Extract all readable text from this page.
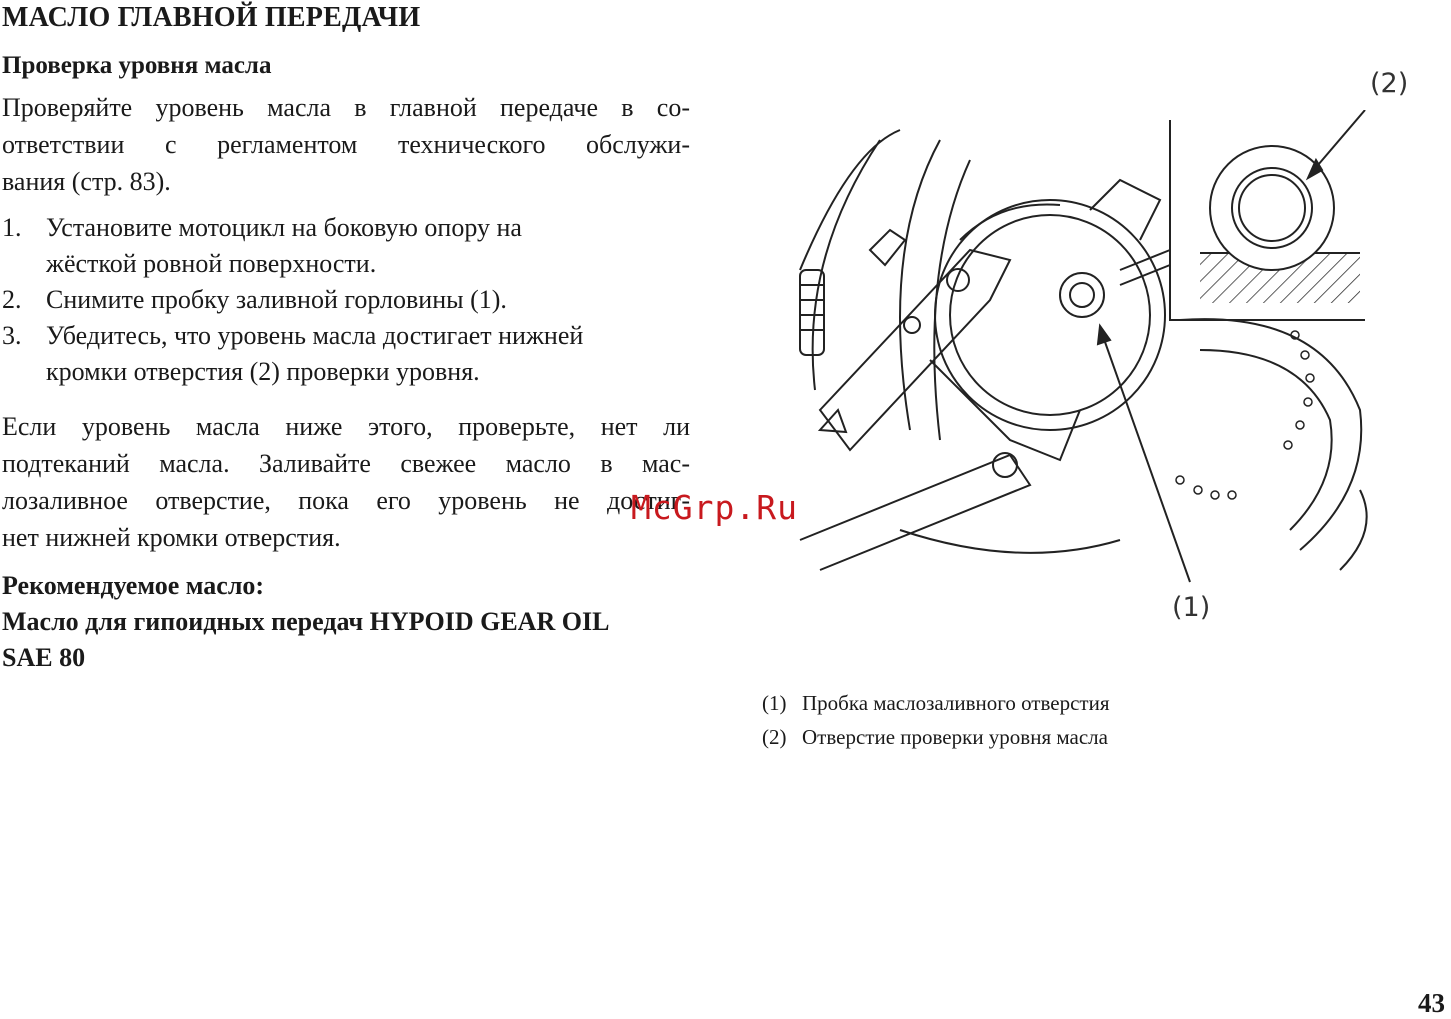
МАСЛО ГЛАВНОЙ ПЕРЕДАЧИ
Проверка уровня масла
Проверяйте уровень масла в главной передаче в со-
ответствии с регламентом технического обслужи-
вания (стр. 83).
1. Установите мотоцикл на боковую опору на
жёсткой ровной поверхности.
2. Снимите пробку заливной горловины (1).
3. Убедитесь, что уровень масла достигает нижней
кромки отверстия (2) проверки уровня.
Если уровень масла ниже этого, проверьте, нет ли
подтеканий масла. Заливайте свежее масло в мас-
лозаливное отверстие, пока его уровень не достиг-
нет нижней кромки отверстия.
Рекомендуемое масло:
Масло для гипоидных передач HYPOID GEAR OIL
SAE 80
(2)
(1)
McGrp.Ru
(1) Пробка маслозаливного отверстия
(2) Отверстие проверки уровня масла
43
